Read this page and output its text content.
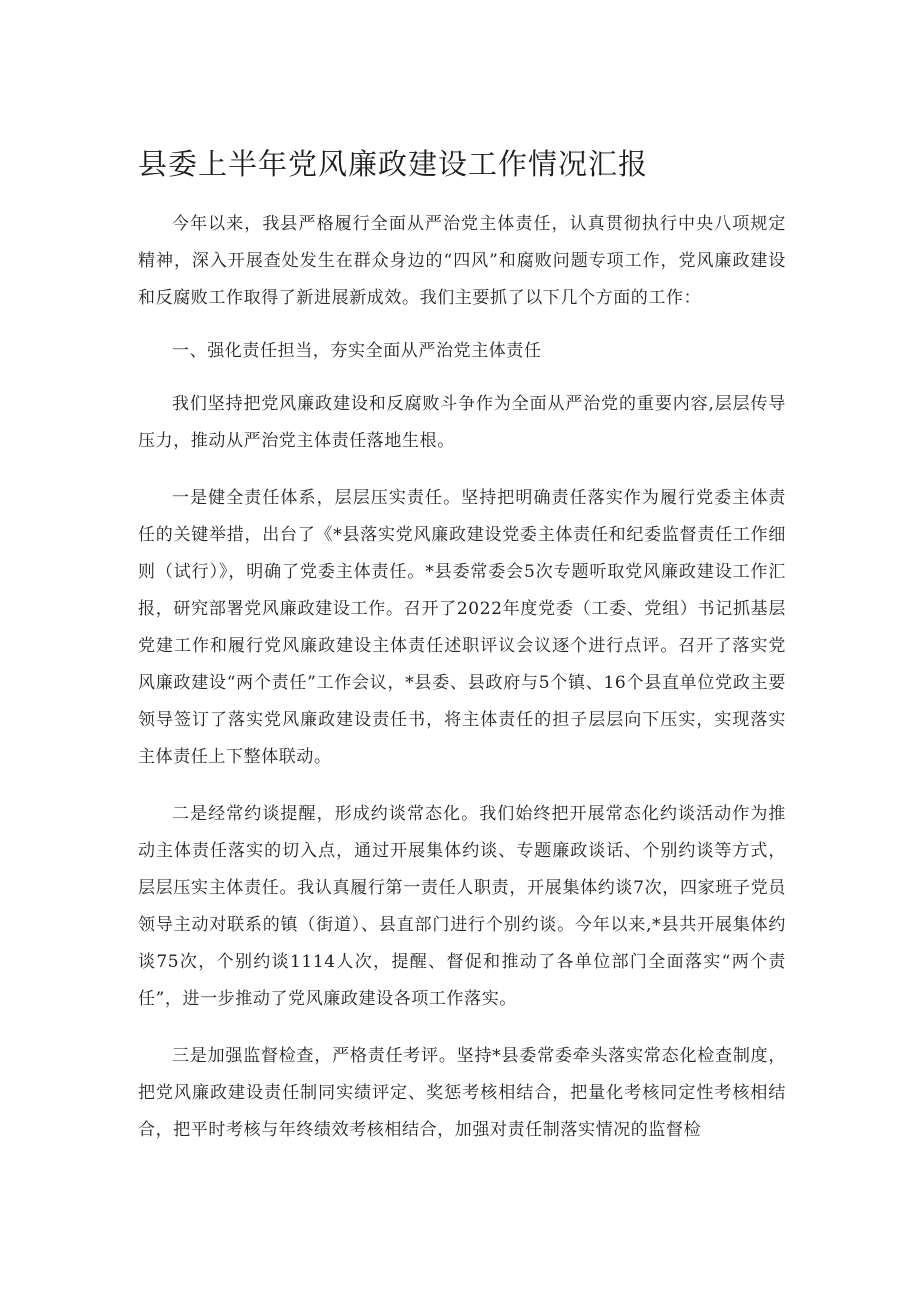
县委上半年党风廉政建设工作情况汇报

今年以来，我县严格履行全面从严治党主体责任，认真贯彻执行中央八项规定精神，深入开展查处发生在群众身边的“四风”和腐败问题专项工作，党风廉政建设和反腐败工作取得了新进展新成效。我们主要抓了以下几个方面的工作：

一、强化责任担当，夯实全面从严治党主体责任

我们坚持把党风廉政建设和反腐败斗争作为全面从严治党的重要内容,层层传导压力，推动从严治党主体责任落地生根。

一是健全责任体系，层层压实责任。坚持把明确责任落实作为履行党委主体责任的关键举措，出台了《*县落实党风廉政建设党委主体责任和纪委监督责任工作细则（试行）》，明确了党委主体责任。*县委常委会5次专题听取党风廉政建设工作汇报，研究部署党风廉政建设工作。召开了2022年度党委（工委、党组）书记抓基层党建工作和履行党风廉政建设主体责任述职评议会议逐个进行点评。召开了落实党风廉政建设“两个责任”工作会议，*县委、县政府与5个镇、16个县直单位党政主要领导签订了落实党风廉政建设责任书，将主体责任的担子层层向下压实，实现落实主体责任上下整体联动。

二是经常约谈提醒，形成约谈常态化。我们始终把开展常态化约谈活动作为推动主体责任落实的切入点，通过开展集体约谈、专题廉政谈话、个别约谈等方式，层层压实主体责任。我认真履行第一责任人职责，开展集体约谈7次，四家班子党员领导主动对联系的镇（街道）、县直部门进行个别约谈。今年以来,*县共开展集体约谈75次，个别约谈1114人次，提醒、督促和推动了各单位部门全面落实“两个责任”，进一步推动了党风廉政建设各项工作落实。

三是加强监督检查，严格责任考评。坚持*县委常委牵头落实常态化检查制度，把党风廉政建设责任制同实绩评定、奖惩考核相结合，把量化考核同定性考核相结合，把平时考核与年终绩效考核相结合，加强对责任制落实情况的监督检
